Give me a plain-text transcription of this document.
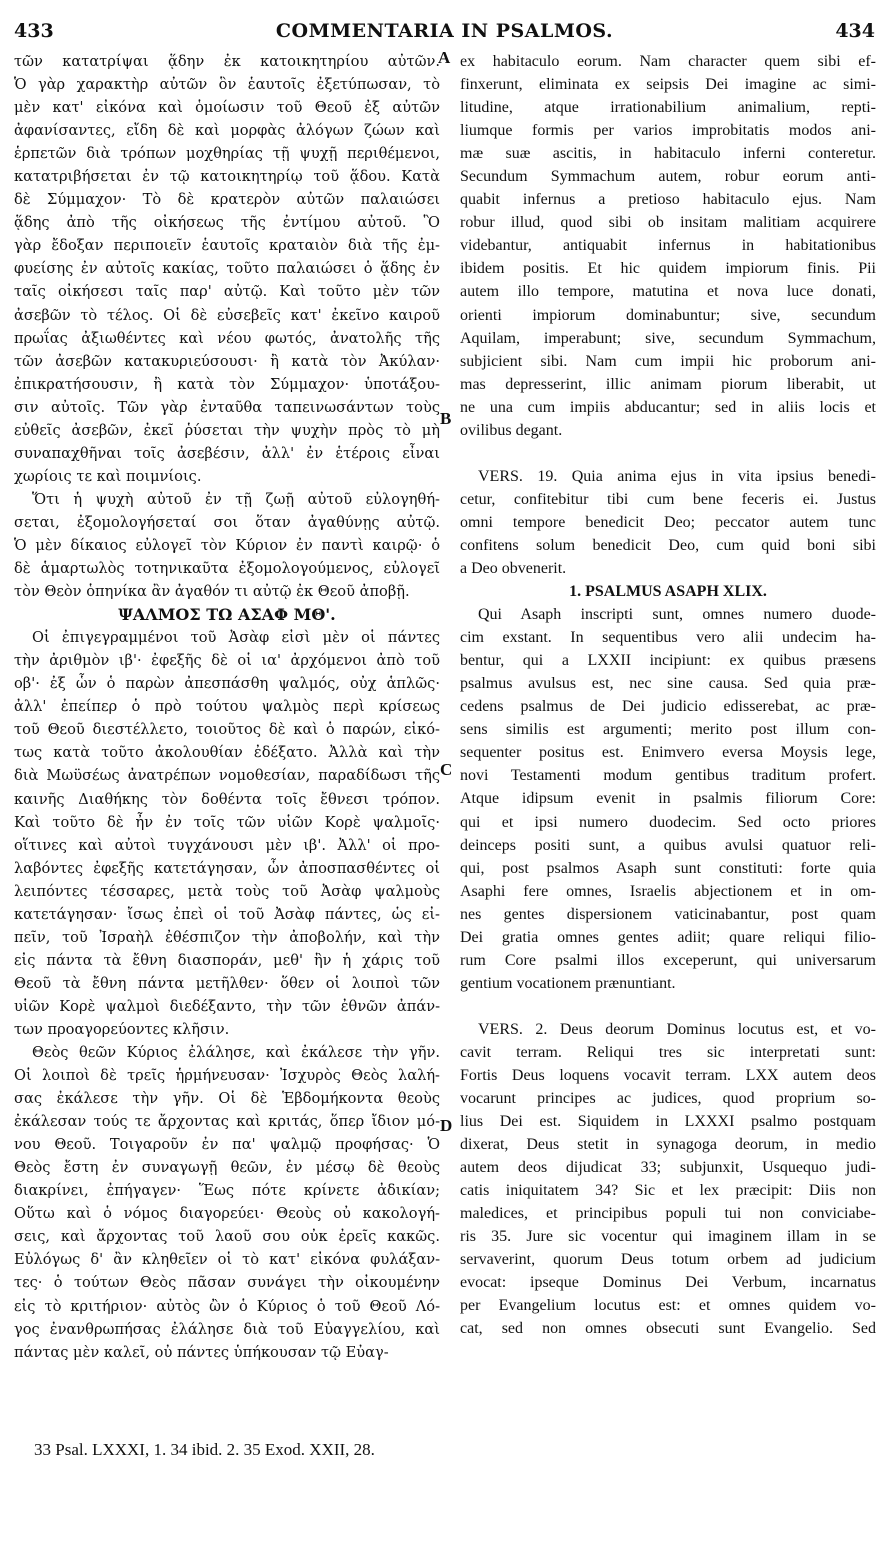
433	COMMENTARIA IN PSALMOS.	434
A
B
C
D
τῶν κατατρίψαι ᾅδην ἐκ κατοικητηρίου αὐτῶν.
Ὁ γὰρ χαρακτὴρ αὐτῶν ὃν ἑαυτοῖς ἐξετύπωσαν, τὸ
μὲν κατ' εἰκόνα καὶ ὁμοίωσιν τοῦ Θεοῦ ἐξ αὐτῶν
ἀφανίσαντες, εἴδη δὲ καὶ μορφὰς ἀλόγων ζώων καὶ
ἑρπετῶν διὰ τρόπων μοχθηρίας τῇ ψυχῇ περιθέμενοι,
κατατριβήσεται ἐν τῷ κατοικητηρίῳ τοῦ ᾅδου. Κατὰ
δὲ Σύμμαχον· Τὸ δὲ κρατερὸν αὐτῶν παλαιώσει
ᾅδης ἀπὸ τῆς οἰκήσεως τῆς ἐντίμου αὐτοῦ. Ὃ
γὰρ ἔδοξαν περιποιεῖν ἑαυτοῖς κραταιὸν διὰ τῆς ἐμ-
φυείσης ἐν αὐτοῖς κακίας, τοῦτο παλαιώσει ὁ ᾅδης ἐν
ταῖς οἰκήσεσι ταῖς παρ' αὐτῷ. Καὶ τοῦτο μὲν τῶν
ἀσεβῶν τὸ τέλος. Οἱ δὲ εὐσεβεῖς κατ' ἐκεῖνο καιροῦ
πρωΐας ἀξιωθέντες καὶ νέου φωτός, ἀνατολῆς τῆς
τῶν ἀσεβῶν κατακυριεύσουσι· ἢ κατὰ τὸν Ἀκύλαν·
ἐπικρατήσουσιν, ἢ κατὰ τὸν Σύμμαχον· ὑποτάξου-
σιν αὐτοῖς. Τῶν γὰρ ἐνταῦθα ταπεινωσάντων τοὺς
εὐθεῖς ἀσεβῶν, ἐκεῖ ῥύσεται τὴν ψυχὴν πρὸς τὸ μὴ
συναπαχθῆναι τοῖς ἀσεβέσιν, ἀλλ' ἐν ἑτέροις εἶναι
χωρίοις τε καὶ ποιμνίοις.
Ὅτι ἡ ψυχὴ αὐτοῦ ἐν τῇ ζωῇ αὐτοῦ εὐλογηθή-
σεται, ἐξομολογήσεταί σοι ὅταν ἀγαθύνῃς αὐτῷ.
Ὁ μὲν δίκαιος εὐλογεῖ τὸν Κύριον ἐν παντὶ καιρῷ· ὁ
δὲ ἁμαρτωλὸς τοτηνικαῦτα ἐξομολογούμενος, εὐλογεῖ
τὸν Θεὸν ὁπηνίκα ἂν ἀγαθόν τι αὐτῷ ἐκ Θεοῦ ἀποβῇ.
ΨΑΛΜΟΣ ΤΩ ΑΣΑΦ ΜΘ'.
Οἱ ἐπιγεγραμμένοι τοῦ Ἀσὰφ εἰσὶ μὲν οἱ πάντες
τὴν ἀριθμὸν ιβ'· ἐφεξῆς δὲ οἱ ια' ἀρχόμενοι ἀπὸ τοῦ
οβ'· ἐξ ὧν ὁ παρὼν ἀπεσπάσθη ψαλμός, οὐχ ἁπλῶς·
ἀλλ' ἐπείπερ ὁ πρὸ τούτου ψαλμὸς περὶ κρίσεως
τοῦ Θεοῦ διεστέλλετο, τοιοῦτος δὲ καὶ ὁ παρών, εἰκό-
τως κατὰ τοῦτο ἀκολουθίαν ἐδέξατο. Ἀλλὰ καὶ τὴν
διὰ Μωϋσέως ἀνατρέπων νομοθεσίαν, παραδίδωσι τῆς
καινῆς Διαθήκης τὸν δοθέντα τοῖς ἔθνεσι τρόπον.
Καὶ τοῦτο δὲ ἦν ἐν τοῖς τῶν υἱῶν Κορὲ ψαλμοῖς·
οἵτινες καὶ αὐτοὶ τυγχάνουσι μὲν ιβ'. Ἀλλ' οἱ προ-
λαβόντες ἐφεξῆς κατετάγησαν, ὧν ἀποσπασθέντες οἱ
λειπόντες τέσσαρες, μετὰ τοὺς τοῦ Ἀσὰφ ψαλμοὺς
κατετάγησαν· ἴσως ἐπεὶ οἱ τοῦ Ἀσὰφ πάντες, ὡς εἰ-
πεῖν, τοῦ Ἰσραὴλ ἐθέσπιζον τὴν ἀποβολήν, καὶ τὴν
εἰς πάντα τὰ ἔθνη διασποράν, μεθ' ἣν ἡ χάρις τοῦ
Θεοῦ τὰ ἔθνη πάντα μετῆλθεν· ὅθεν οἱ λοιποὶ τῶν
υἱῶν Κορὲ ψαλμοὶ διεδέξαντο, τὴν τῶν ἐθνῶν ἀπάν-
των προαγορεύοντες κλῆσιν.
Θεὸς θεῶν Κύριος ἐλάλησε, καὶ ἐκάλεσε τὴν γῆν.
Οἱ λοιποὶ δὲ τρεῖς ἡρμήνευσαν· Ἰσχυρὸς Θεὸς λαλή-
σας ἐκάλεσε τὴν γῆν. Οἱ δὲ Ἑβδομήκοντα θεοὺς
ἐκάλεσαν τούς τε ἄρχοντας καὶ κριτάς, ὅπερ ἴδιον μό-
νου Θεοῦ. Τοιγαροῦν ἐν πα' ψαλμῷ προφήσας· Ὁ
Θεὸς ἔστη ἐν συναγωγῇ θεῶν, ἐν μέσῳ δὲ θεοὺς
διακρίνει, ἐπήγαγεν· Ἕως πότε κρίνετε ἀδικίαν;
Οὕτω καὶ ὁ νόμος διαγορεύει· Θεοὺς οὐ κακολογή-
σεις, καὶ ἄρχοντας τοῦ λαοῦ σου οὐκ ἐρεῖς κακῶς.
Εὐλόγως δ' ἂν κληθεῖεν οἱ τὸ κατ' εἰκόνα φυλάξαν-
τες· ὁ τούτων Θεὸς πᾶσαν συνάγει τὴν οἰκουμένην
εἰς τὸ κριτήριον· αὐτὸς ὢν ὁ Κύριος ὁ τοῦ Θεοῦ Λό-
γος ἐνανθρωπήσας ἐλάλησε διὰ τοῦ Εὐαγγελίου, καὶ
πάντας μὲν καλεῖ, οὐ πάντες ὑπήκουσαν τῷ Εὐαγ-
ex habitaculo eorum. Nam character quem sibi ef-
finxerunt, eliminata ex seipsis Dei imagine ac simi-
litudine, atque irrationabilium animalium, repti-
liumque formis per varios improbitatis modos ani-
mæ suæ ascitis, in habitaculo inferni conteretur.
Secundum Symmachum autem, robur eorum anti-
quabit infernus a pretioso habitaculo ejus. Nam
robur illud, quod sibi ob insitam malitiam acquirere
videbantur, antiquabit infernus in habitationibus
ibidem positis. Et hic quidem impiorum finis. Pii
autem illo tempore, matutina et nova luce donati,
orienti impiorum dominabuntur; sive, secundum
Aquilam, imperabunt; sive, secundum Symmachum,
subjicient sibi. Nam cum impii hic proborum ani-
mas depresserint, illic animam piorum liberabit, ut
ne una cum impiis abducantur; sed in aliis locis et
ovilibus degant.
VERS. 19. Quia anima ejus in vita ipsius benedi-
cetur, confitebitur tibi cum bene feceris ei. Justus
omni tempore benedicit Deo; peccator autem tunc
confitens solum benedicit Deo, cum quid boni sibi
a Deo obvenerit.
1. PSALMUS ASAPH XLIX.
Qui Asaph inscripti sunt, omnes numero duode-
cim exstant. In sequentibus vero alii undecim ha-
bentur, qui a LXXII incipiunt: ex quibus præsens
psalmus avulsus est, nec sine causa. Sed quia præ-
cedens psalmus de Dei judicio edisserebat, ac præ-
sens similis est argumenti; merito post illum con-
sequenter positus est. Enimvero eversa Moysis lege,
novi Testamenti modum gentibus traditum profert.
Atque idipsum evenit in psalmis filiorum Core:
qui et ipsi numero duodecim. Sed octo priores
deinceps positi sunt, a quibus avulsi quatuor reli-
qui, post psalmos Asaph sunt constituti: forte quia
Asaphi fere omnes, Israelis abjectionem et in om-
nes gentes dispersionem vaticinabantur, post quam
Dei gratia omnes gentes adiit; quare reliqui filio-
rum Core psalmi illos exceperunt, qui universarum
gentium vocationem prænuntiant.
VERS. 2. Deus deorum Dominus locutus est, et vo-
cavit terram. Reliqui tres sic interpretati sunt:
Fortis Deus loquens vocavit terram. LXX autem deos
vocarunt principes ac judices, quod proprium so-
lius Dei est. Siquidem in LXXXI psalmo postquam
dixerat, Deus stetit in synagoga deorum, in medio
autem deos dijudicat 33; subjunxit, Usquequo judi-
catis iniquitatem 34? Sic et lex præcipit: Diis non
maledices, et principibus populi tui non conviciabe-
ris 35. Jure sic vocentur qui imaginem illam in se
servaverint, quorum Deus totum orbem ad judicium
evocat: ipseque Dominus Dei Verbum, incarnatus
per Evangelium locutus est: et omnes quidem vo-
cat, sed non omnes obsecuti sunt Evangelio. Sed
33 Psal. LXXXI, 1. 34 ibid. 2. 35 Exod. XXII, 28.
